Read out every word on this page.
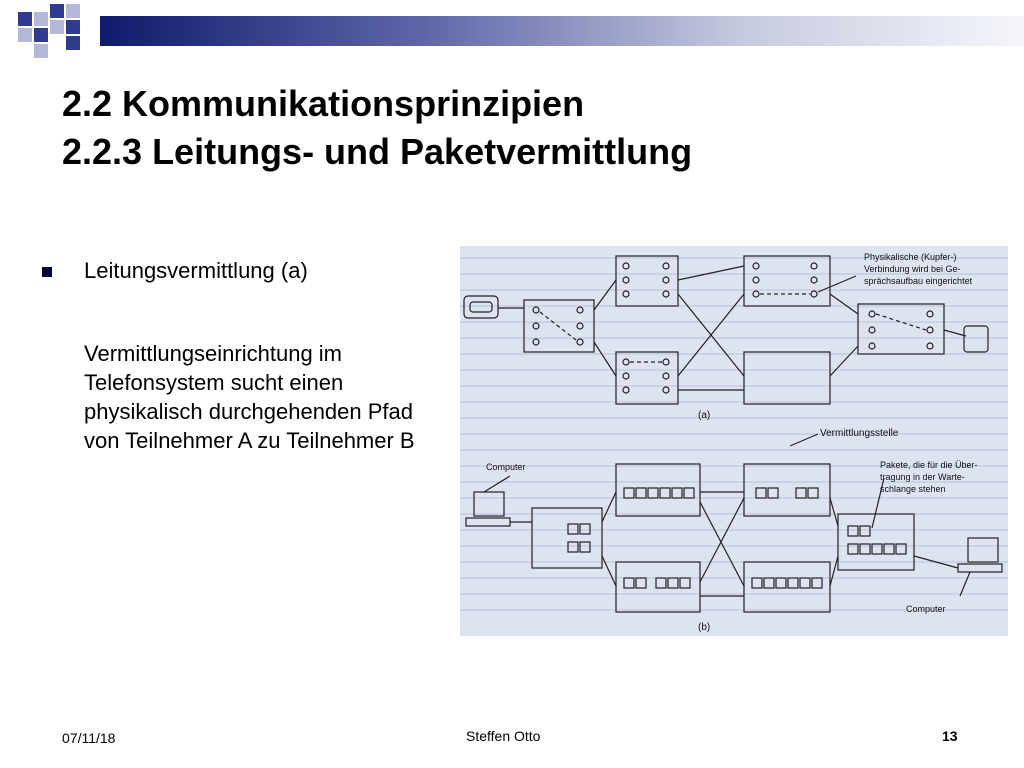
2.2 Kommunikationsprinzipien
2.2.3 Leitungs- und Paketvermittlung
Leitungsvermittlung (a)
Vermittlungseinrichtung im Telefonsystem sucht einen physikalisch durchgehenden Pfad von Teilnehmer A zu Teilnehmer B
Physikalische (Kupfer-)
Verbindung wird bei Ge-
sprächsaufbau eingerichtet
(a)
Vermittlungsstelle
Computer	Pakete, die für die Über-
tragung in der Warte-
schlange stehen
Computer
(b)
07/11/18	Steffen Otto	13
